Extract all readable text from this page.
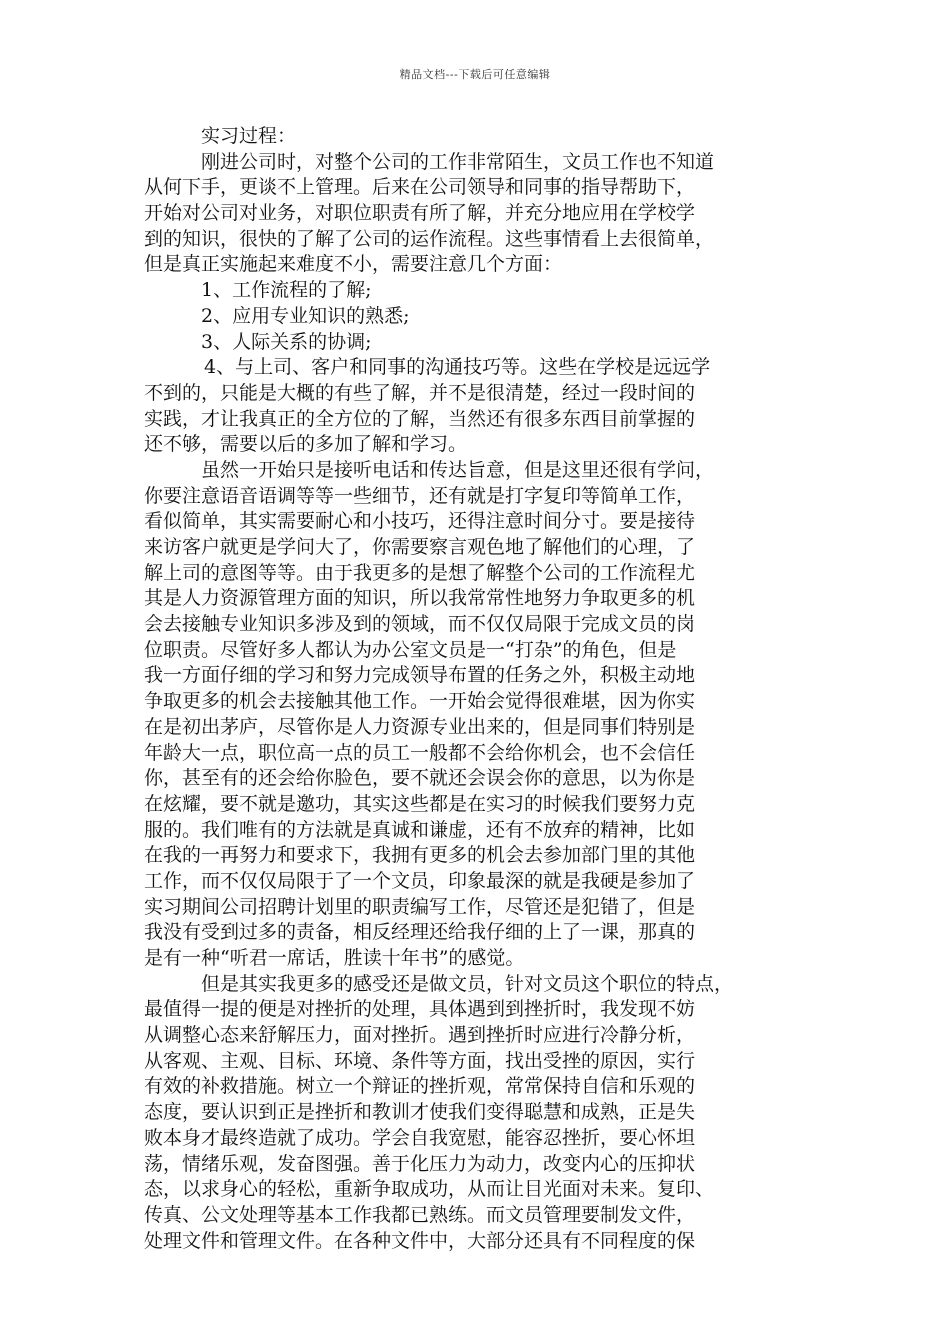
精品文档---下载后可任意编辑
实习过程：
刚进公司时，对整个公司的工作非常陌生，文员工作也不知道
从何下手，更谈不上管理。后来在公司领导和同事的指导帮助下，
开始对公司对业务，对职位职责有所了解，并充分地应用在学校学
到的知识，很快的了解了公司的运作流程。这些事情看上去很简单，
但是真正实施起来难度不小，需要注意几个方面：
1、工作流程的了解;
2、应用专业知识的熟悉;
3、人际关系的协调;
4、与上司、客户和同事的沟通技巧等。这些在学校是远远学
不到的，只能是大概的有些了解，并不是很清楚，经过一段时间的
实践，才让我真正的全方位的了解，当然还有很多东西目前掌握的
还不够，需要以后的多加了解和学习。
虽然一开始只是接听电话和传达旨意，但是这里还很有学问，
你要注意语音语调等等一些细节，还有就是打字复印等简单工作，
看似简单，其实需要耐心和小技巧，还得注意时间分寸。要是接待
来访客户就更是学问大了，你需要察言观色地了解他们的心理，了
解上司的意图等等。由于我更多的是想了解整个公司的工作流程尤
其是人力资源管理方面的知识，所以我常常性地努力争取更多的机
会去接触专业知识多涉及到的领域，而不仅仅局限于完成文员的岗
位职责。尽管好多人都认为办公室文员是一“打杂”的角色，但是
我一方面仔细的学习和努力完成领导布置的任务之外，积极主动地
争取更多的机会去接触其他工作。一开始会觉得很难堪，因为你实
在是初出茅庐，尽管你是人力资源专业出来的，但是同事们特别是
年龄大一点，职位高一点的员工一般都不会给你机会，也不会信任
你，甚至有的还会给你脸色，要不就还会误会你的意思，以为你是
在炫耀，要不就是邀功，其实这些都是在实习的时候我们要努力克
服的。我们唯有的方法就是真诚和谦虚，还有不放弃的精神，比如
在我的一再努力和要求下，我拥有更多的机会去参加部门里的其他
工作，而不仅仅局限于了一个文员，印象最深的就是我硬是参加了
实习期间公司招聘计划里的职责编写工作，尽管还是犯错了，但是
我没有受到过多的责备，相反经理还给我仔细的上了一课，那真的
是有一种“听君一席话，胜读十年书”的感觉。
但是其实我更多的感受还是做文员，针对文员这个职位的特点，
最值得一提的便是对挫折的处理，具体遇到到挫折时，我发现不妨
从调整心态来舒解压力，面对挫折。遇到挫折时应进行冷静分析，
从客观、主观、目标、环境、条件等方面，找出受挫的原因，实行
有效的补救措施。树立一个辩证的挫折观，常常保持自信和乐观的
态度，要认识到正是挫折和教训才使我们变得聪慧和成熟，正是失
败本身才最终造就了成功。学会自我宽慰，能容忍挫折，要心怀坦
荡，情绪乐观，发奋图强。善于化压力为动力，改变内心的压抑状
态，以求身心的轻松，重新争取成功，从而让目光面对未来。复印、
传真、公文处理等基本工作我都已熟练。而文员管理要制发文件，
处理文件和管理文件。在各种文件中，大部分还具有不同程度的保
